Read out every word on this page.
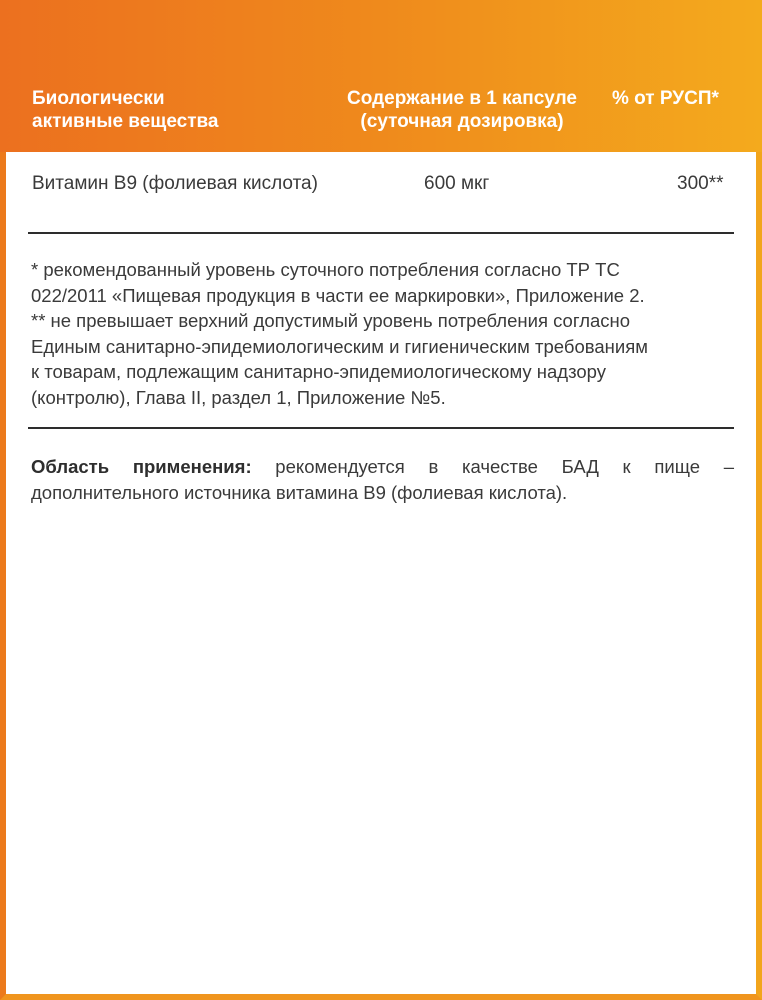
Биологически
активные вещества
Содержание в 1 капсуле
(суточная дозировка)
% от РУСП*
Витамин В9 (фолиевая кислота)	600 мкг	300**

* рекомендованный уровень суточного потребления согласно ТР ТС

022/2011 «Пищевая продукция в части ее маркировки», Приложение 2.

** не превышает верхний допустимый уровень потребления согласно

Единым санитарно-эпидемиологическим и гигиеническим требованиям

к товарам, подлежащим санитарно-эпидемиологическому надзору

(контролю), Глава II, раздел 1, Приложение №5.

Область применения: рекомендуется в качестве БАД к пище – дополнительного источника витамина В9 (фолиевая кислота).
